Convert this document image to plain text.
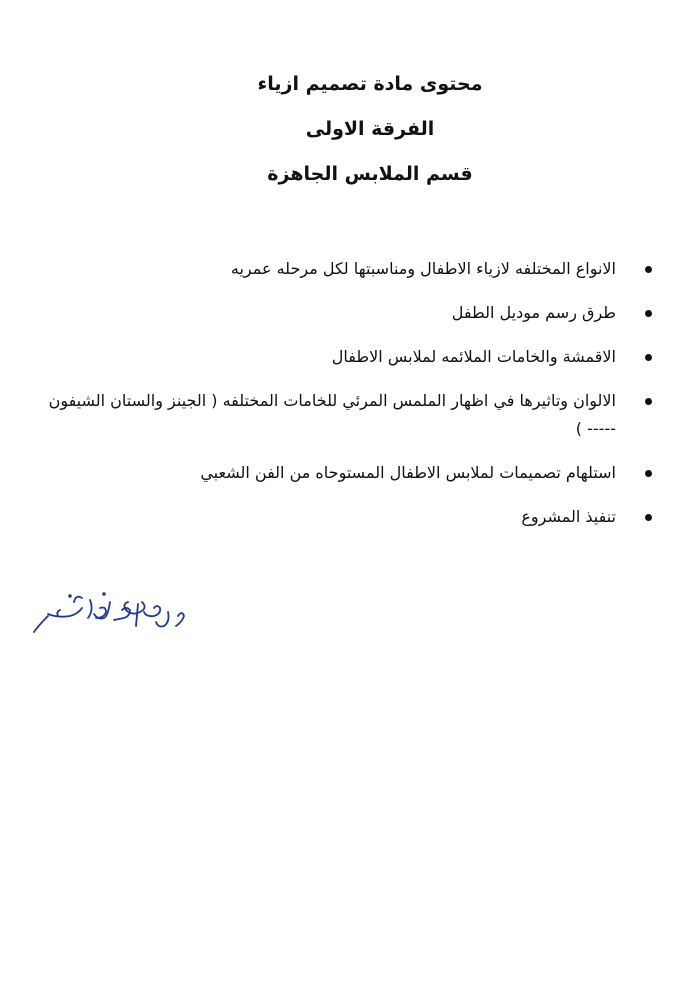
محتوى مادة تصميم ازياء
الفرقة الاولى
قسم الملابس الجاهزة
الانواع المختلفه لازياء الاطفال ومناسبتها لكل مرحله عمريه
طرق رسم موديل الطفل
الاقمشة والخامات الملائمه لملابس الاطفال
الالوان وتاثيرها في اظهار الملمس المرئي للخامات المختلفه ( الجينز والستان الشيفون ----- )
استلهام تصميمات لملابس الاطفال المستوحاه من الفن الشعبي
تنفيذ المشروع
